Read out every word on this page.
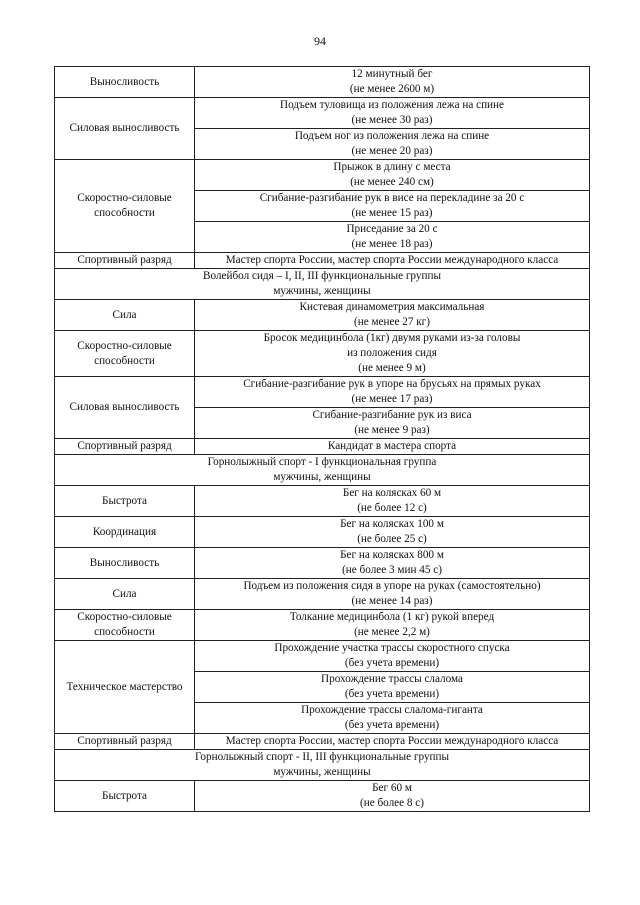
94
Выносливость	12 минутный бег
(не менее 2600 м)

Силовая выносливость	Подъем туловища из положения лежа на спине
(не менее 30 раз)

	Подъем ног из положения лежа на спине
(не менее 20 раз)

Скоростно-силовые способности	Прыжок в длину с места
(не менее 240 см)

	Сгибание-разгибание рук в висе на перекладине за 20 с
(не менее 15 раз)

	Приседание за 20 с
(не менее 18 раз)

Спортивный разряд	Мастер спорта России, мастер спорта России международного класса

Волейбол сидя – I, II, III функциональные группы
мужчины, женщины	

Сила	Кистевая динамометрия максимальная
(не менее 27 кг)

Скоростно-силовые способности	Бросок медицинбола (1кг) двумя руками из-за головы
из положения сидя
(не менее 9 м)

Силовая выносливость	Сгибание-разгибание рук в упоре на брусьях на прямых руках
(не менее 17 раз)

	Сгибание-разгибание рук из виса
(не менее 9 раз)

Спортивный разряд	Кандидат в мастера спорта

Горнолыжный спорт - I функциональная группа
мужчины, женщины	

Быстрота	Бег на колясках 60 м
(не более 12 с)

Координация	Бег на колясках 100 м
(не более 25 с)

Выносливость	Бег на колясках 800 м
(не более 3 мин 45 с)

Сила	Подъем из положения сидя в упоре на руках (самостоятельно)
(не менее 14 раз)

Скоростно-силовые способности	Толкание медицинбола (1 кг) рукой вперед
(не менее 2,2 м)

Техническое мастерство	Прохождение участка трассы скоростного спуска
(без учета времени)

	Прохождение трассы слалома
(без учета времени)

	Прохождение трассы слалома-гиганта
(без учета времени)

Спортивный разряд	Мастер спорта России, мастер спорта России международного класса

Горнолыжный спорт - II, III функциональные группы
мужчины, женщины	

Быстрота	Бег 60 м
(не более 8 с)
